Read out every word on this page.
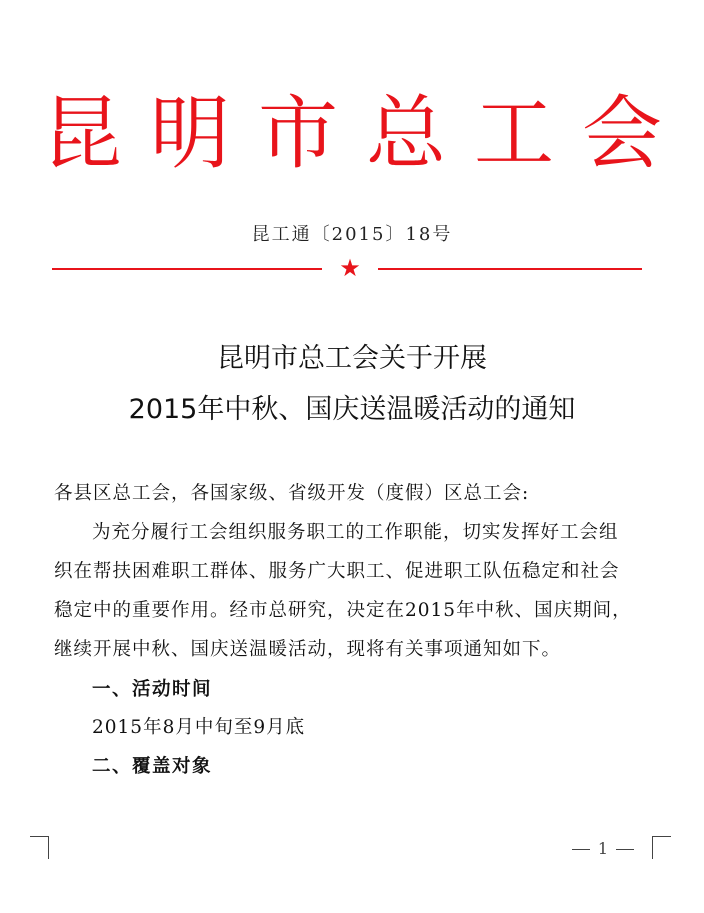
昆明市总工会
昆工通〔2015〕18号
★
昆明市总工会关于开展
2015年中秋、国庆送温暖活动的通知
各县区总工会，各国家级、省级开发（度假）区总工会:
为充分履行工会组织服务职工的工作职能，切实发挥好工会组
织在帮扶困难职工群体、服务广大职工、促进职工队伍稳定和社会
稳定中的重要作用。经市总研究，决定在2015年中秋、国庆期间，
继续开展中秋、国庆送温暖活动，现将有关事项通知如下。
一、活动时间
2015年8月中旬至9月底
二、覆盖对象
1
